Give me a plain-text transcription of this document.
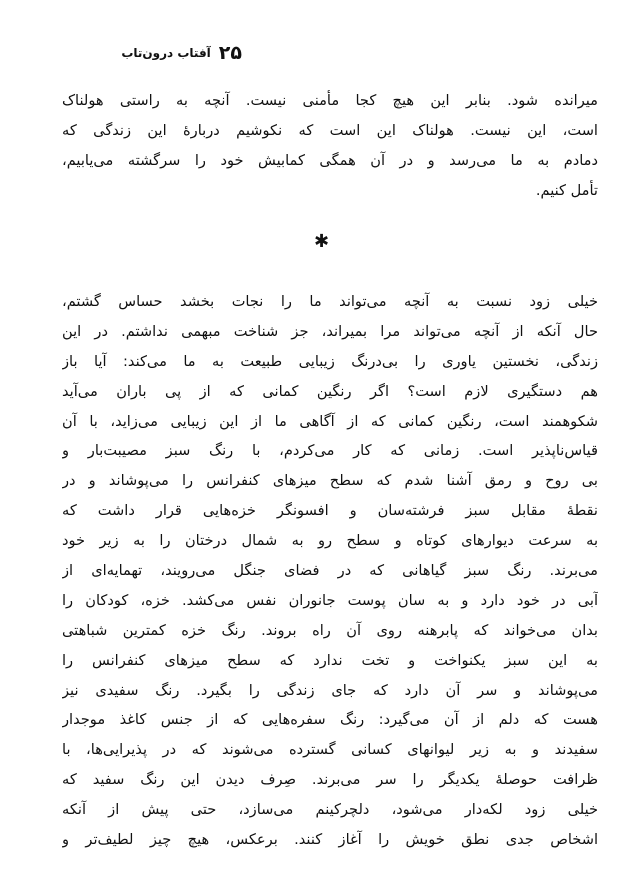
۲۵
آفتاب درون‌تاب
میرانده شود. بنابر این هیچ کجا مأمنی نیست. آنچه به راستی هولناک
است، این نیست. هولناک این است که نکوشیم دربارهٔ این زندگی که
دمادم به ما می‌رسد و در آن همگی کمابیش خود را سرگشته می‌یابیم،
تأمل کنیم.
✱
خیلی زود نسبت به آنچه می‌تواند ما را نجات بخشد حساس گشتم،
حال آنکه از آنچه می‌تواند مرا بمیراند، جز شناخت مبهمی نداشتم. در این
زندگی، نخستین یاوری را بی‌درنگ زیبایی طبیعت به ما می‌کند: آیا باز
هم دستگیری لازم است؟ اگر رنگین کمانی که از پی باران می‌آید
شکوهمند است، رنگین کمانی که از آگاهی ما از این زیبایی می‌زاید، با آن
قیاس‌ناپذیر است. زمانی که کار می‌کردم، با رنگ سبز مصیبت‌بار و
بی روح و رمق آشنا شدم که سطح میزهای کنفرانس را می‌پوشاند و در
نقطهٔ مقابل سبز فرشته‌سان و افسونگر خزه‌هایی قرار داشت که
به سرعت دیوارهای کوتاه و سطح رو به شمال درختان را به زیر خود
می‌برند. رنگ سبز گیاهانی که در فضای جنگل می‌رویند، تهمایه‌ای از
آبی در خود دارد و به سان پوست جانوران نفس می‌کشد. خزه، کودکان را
بدان می‌خواند که پابرهنه روی آن راه بروند. رنگ خزه کمترین شباهتی
به این سبز یکنواخت و تخت ندارد که سطح میزهای کنفرانس را
می‌پوشاند و سر آن دارد که جای زندگی را بگیرد. رنگ سفیدی نیز
هست که دلم از آن می‌گیرد: رنگ سفره‌هایی که از جنس کاغذ موجدار
سفیدند و به زیر لیوانهای کسانی گسترده می‌شوند که در پذیرایی‌ها، با
ظرافت حوصلهٔ یکدیگر را سر می‌برند. صِرف دیدن این رنگ سفید که
خیلی زود لکه‌دار می‌شود، دلچرکینم می‌سازد، حتی پیش از آنکه
اشخاص جدی نطق خویش را آغاز کنند. برعکس، هیچ چیز لطیف‌تر و
